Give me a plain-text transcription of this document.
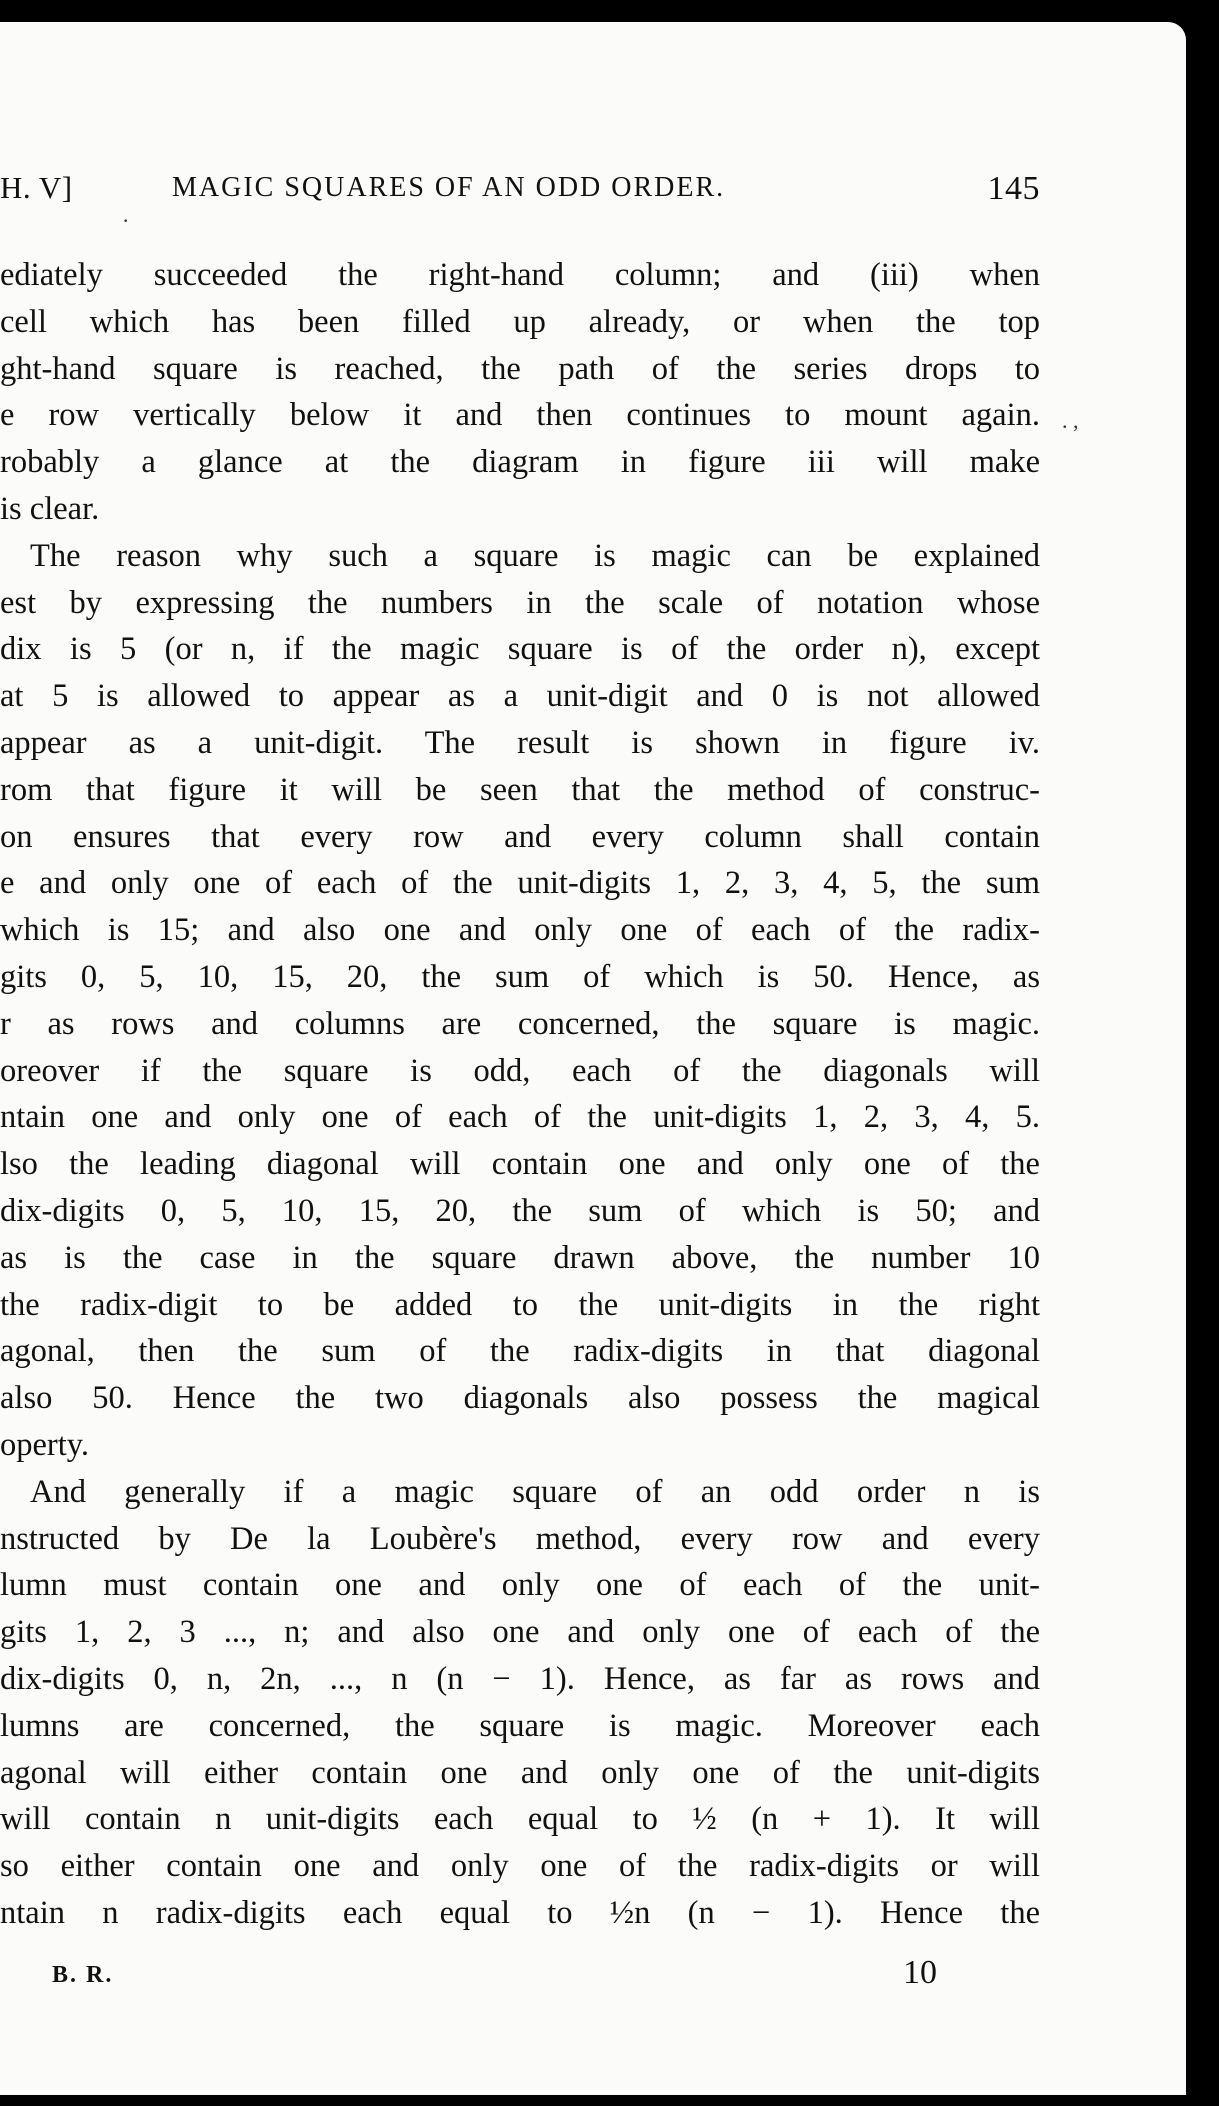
H. V]	MAGIC SQUARES OF AN ODD ORDER.	145
ediately succeeded the right-hand column; and (iii) when
cell which has been filled up already, or when the top
ght-hand square is reached, the path of the series drops to
e row vertically below it and then continues to mount again.
robably a glance at the diagram in figure iii will make
is clear.
The reason why such a square is magic can be explained
est by expressing the numbers in the scale of notation whose
dix is 5 (or n, if the magic square is of the order n), except
at 5 is allowed to appear as a unit-digit and 0 is not allowed
appear as a unit-digit. The result is shown in figure iv.
rom that figure it will be seen that the method of construc-
on ensures that every row and every column shall contain
e and only one of each of the unit-digits 1, 2, 3, 4, 5, the sum
which is 15; and also one and only one of each of the radix-
gits 0, 5, 10, 15, 20, the sum of which is 50. Hence, as
r as rows and columns are concerned, the square is magic.
oreover if the square is odd, each of the diagonals will
ntain one and only one of each of the unit-digits 1, 2, 3, 4, 5.
lso the leading diagonal will contain one and only one of the
dix-digits 0, 5, 10, 15, 20, the sum of which is 50; and
as is the case in the square drawn above, the number 10
the radix-digit to be added to the unit-digits in the right
agonal, then the sum of the radix-digits in that diagonal
also 50. Hence the two diagonals also possess the magical
operty.
And generally if a magic square of an odd order n is
nstructed by De la Loubère's method, every row and every
lumn must contain one and only one of each of the unit-
gits 1, 2, 3 ..., n; and also one and only one of each of the
dix-digits 0, n, 2n, ..., n (n − 1). Hence, as far as rows and
lumns are concerned, the square is magic. Moreover each
agonal will either contain one and only one of the unit-digits
will contain n unit-digits each equal to ½ (n + 1). It will
so either contain one and only one of the radix-digits or will
ntain n radix-digits each equal to ½n (n − 1). Hence the
B. R.	10
·
. ,
